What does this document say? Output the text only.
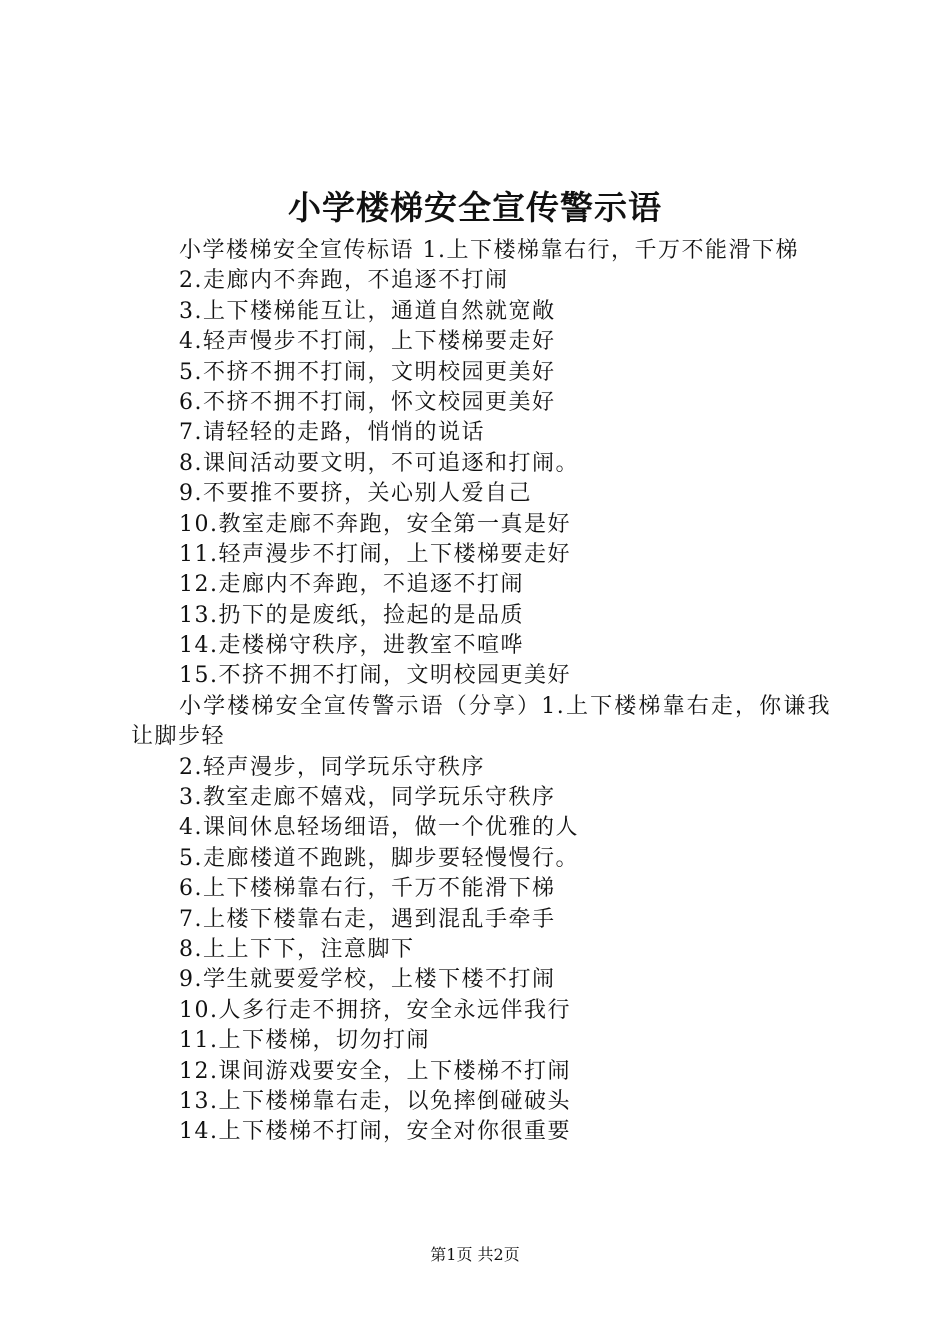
小学楼梯安全宣传警示语
小学楼梯安全宣传标语 1.上下楼梯靠右行，千万不能滑下梯
2.走廊内不奔跑，不追逐不打闹
3.上下楼梯能互让，通道自然就宽敞
4.轻声慢步不打闹，上下楼梯要走好
5.不挤不拥不打闹，文明校园更美好
6.不挤不拥不打闹，怀文校园更美好
7.请轻轻的走路，悄悄的说话
8.课间活动要文明，不可追逐和打闹。
9.不要推不要挤，关心别人爱自己
10.教室走廊不奔跑，安全第一真是好
11.轻声漫步不打闹，上下楼梯要走好
12.走廊内不奔跑，不追逐不打闹
13.扔下的是废纸，捡起的是品质
14.走楼梯守秩序，进教室不喧哗
15.不挤不拥不打闹，文明校园更美好
小学楼梯安全宣传警示语（分享）1.上下楼梯靠右走，你谦我让脚步轻
2.轻声漫步，同学玩乐守秩序
3.教室走廊不嬉戏，同学玩乐守秩序
4.课间休息轻场细语，做一个优雅的人
5.走廊楼道不跑跳，脚步要轻慢慢行。
6.上下楼梯靠右行，千万不能滑下梯
7.上楼下楼靠右走，遇到混乱手牵手
8.上上下下，注意脚下
9.学生就要爱学校，上楼下楼不打闹
10.人多行走不拥挤，安全永远伴我行
11.上下楼梯，切勿打闹
12.课间游戏要安全，上下楼梯不打闹
13.上下楼梯靠右走，以免摔倒碰破头
14.上下楼梯不打闹，安全对你很重要
第1页 共2页
